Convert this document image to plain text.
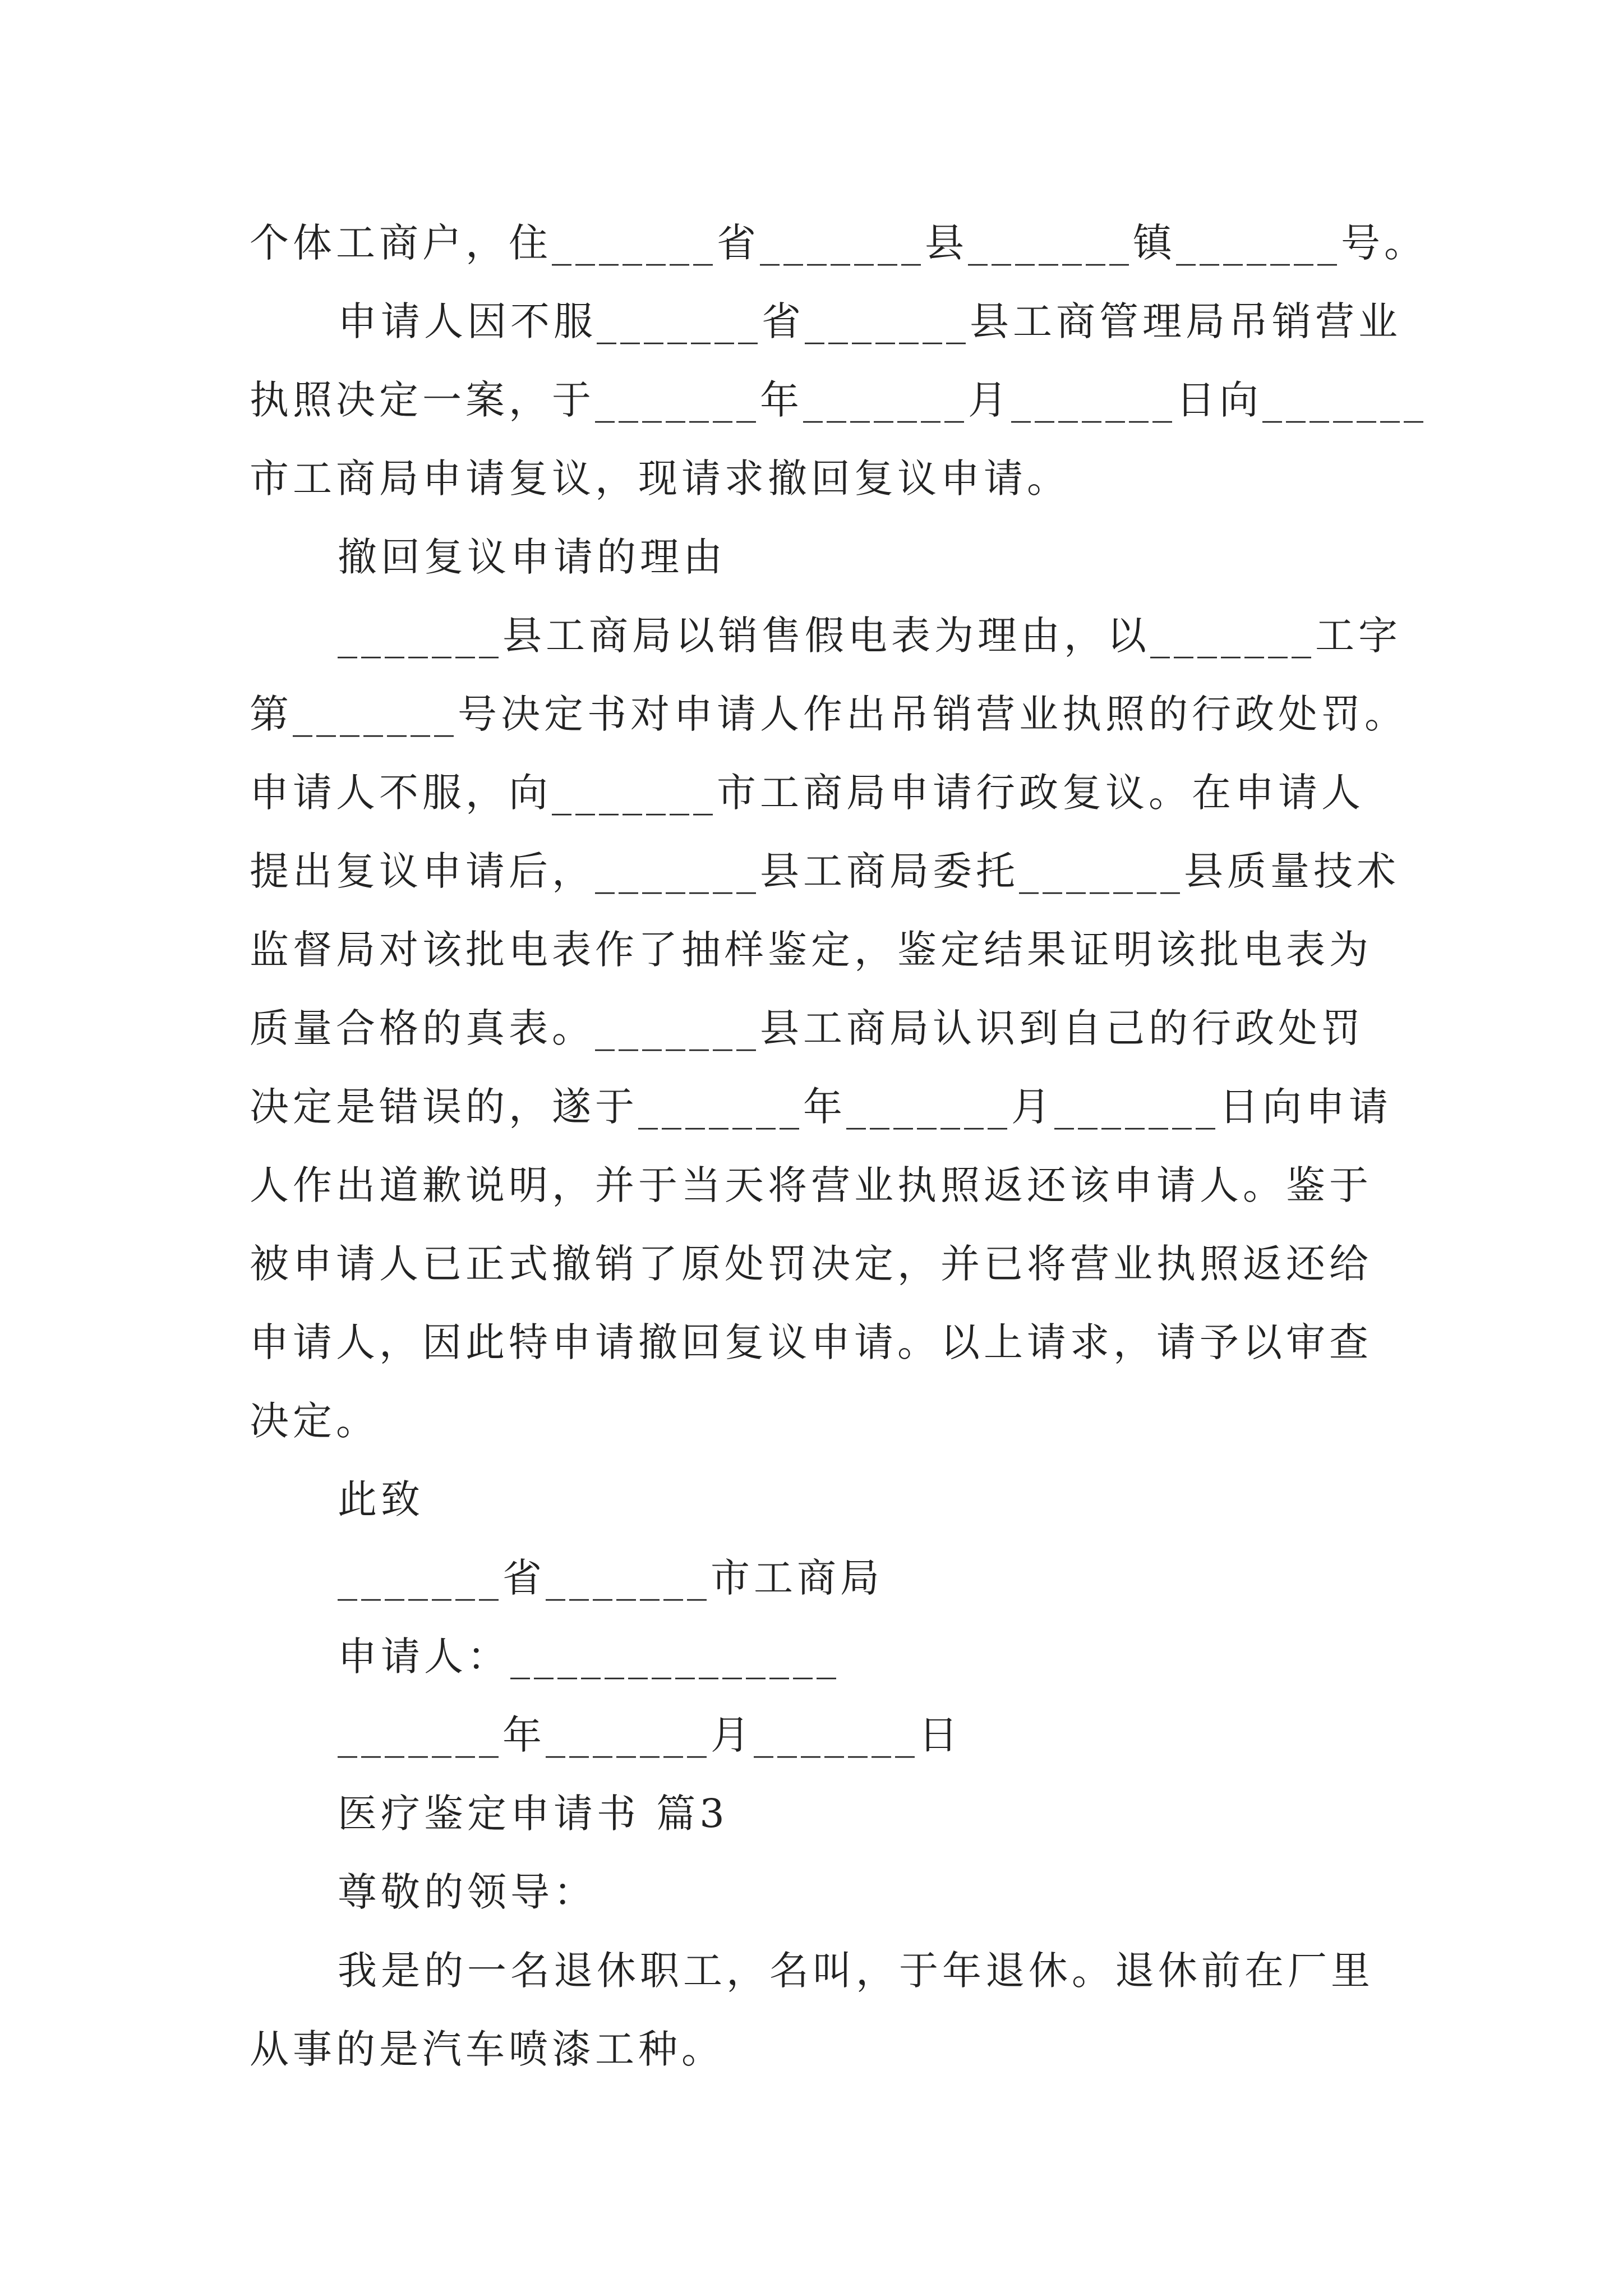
个体工商户，住_______省_______县_______镇_______号。
申请人因不服_______省_______县工商管理局吊销营业
执照决定一案，于_______年_______月_______日向_______
市工商局申请复议，现请求撤回复议申请。
撤回复议申请的理由
_______县工商局以销售假电表为理由，以_______工字
第_______号决定书对申请人作出吊销营业执照的行政处罚。
申请人不服，向_______市工商局申请行政复议。在申请人
提出复议申请后，_______县工商局委托_______县质量技术
监督局对该批电表作了抽样鉴定，鉴定结果证明该批电表为
质量合格的真表。_______县工商局认识到自己的行政处罚
决定是错误的，遂于_______年_______月_______日向申请
人作出道歉说明，并于当天将营业执照返还该申请人。鉴于
被申请人已正式撤销了原处罚决定，并已将营业执照返还给
申请人，因此特申请撤回复议申请。以上请求，请予以审查
决定。
此致
_______省_______市工商局
申请人：______________
_______年_______月_______日
医疗鉴定申请书 篇3
尊敬的领导：
我是的一名退休职工，名叫，于年退休。退休前在厂里
从事的是汽车喷漆工种。
